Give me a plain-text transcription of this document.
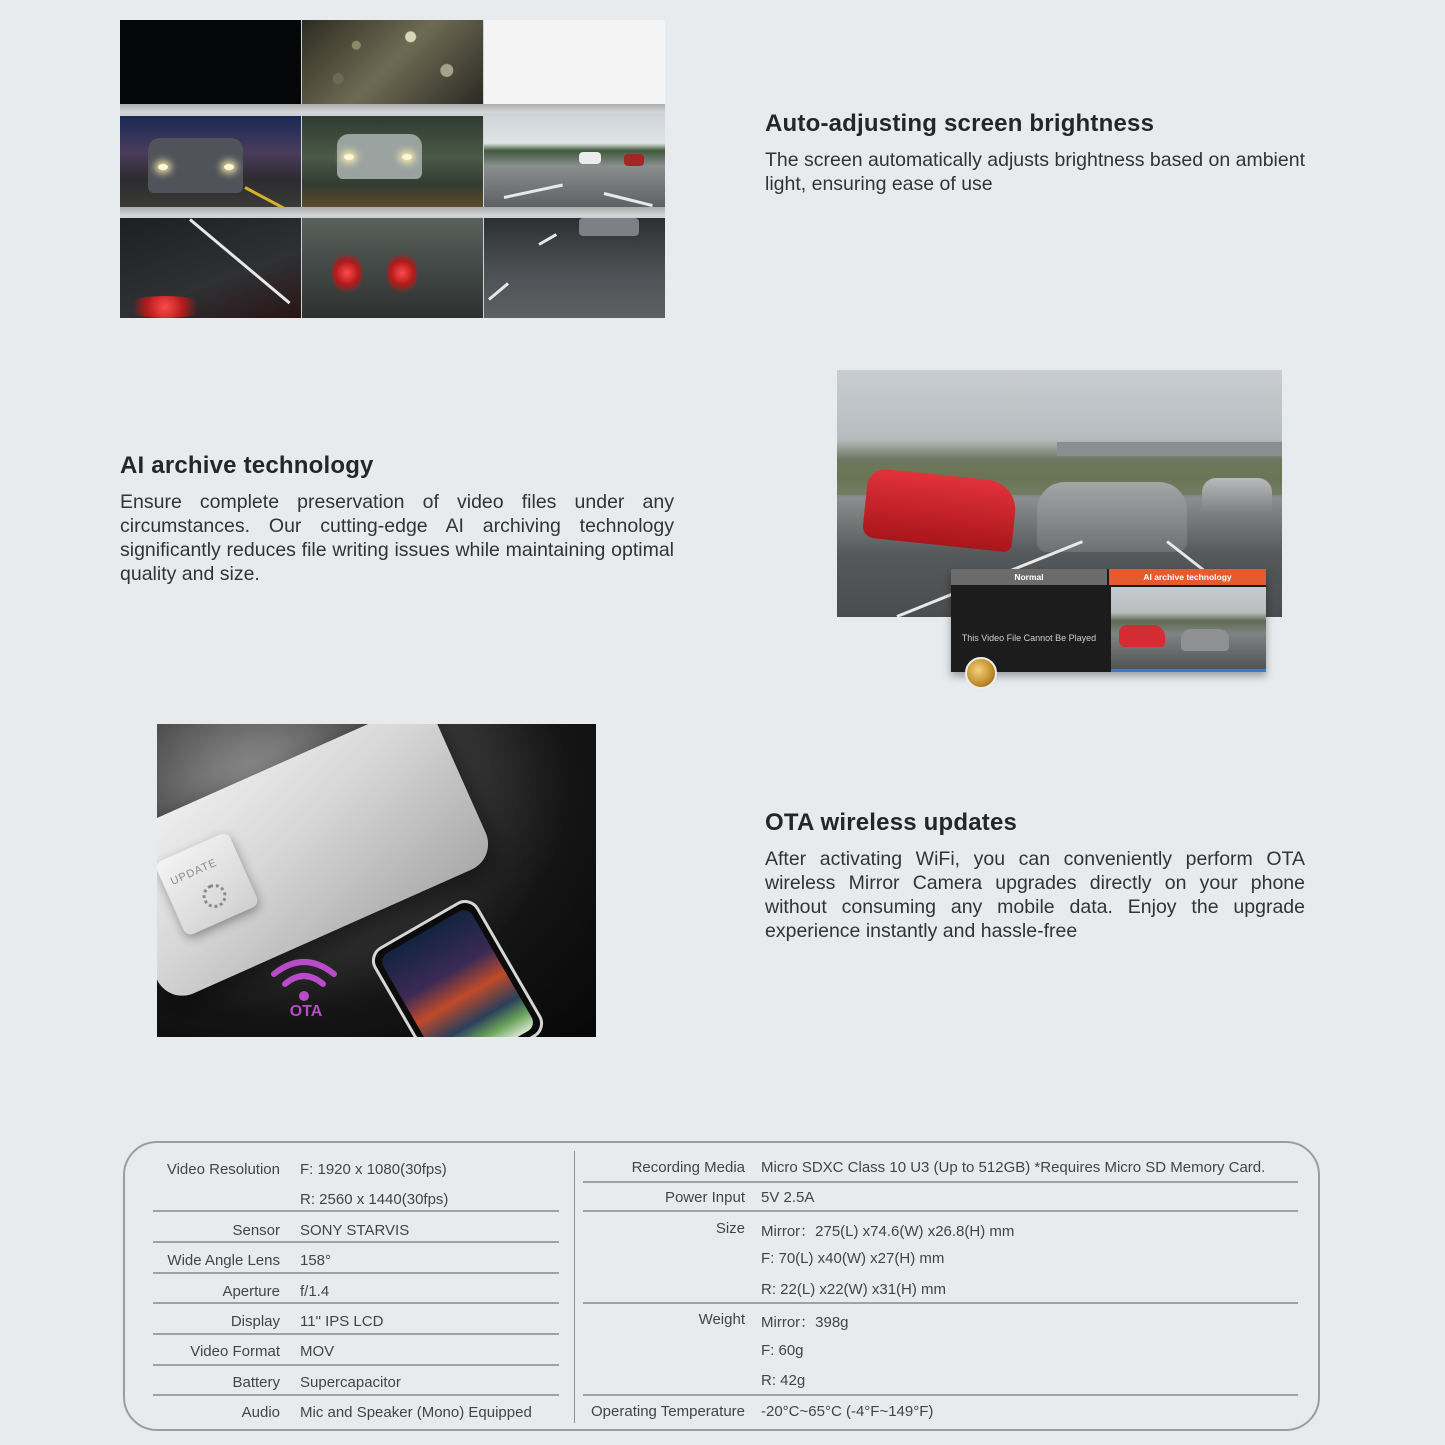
Auto-adjusting screen brightness

The screen automatically adjusts brightness based on ambient light, ensuring ease of use

AI archive technology

Ensure complete preservation of video files under any circumstances. Our cutting-edge AI archiving technology significantly reduces file writing issues while maintaining optimal quality and size.	Normal	AI archive technology
This Video File Cannot Be Played
UPDATE
OTA
OTA wireless updates

After activating WiFi, you can conveniently perform OTA wireless Mirror Camera upgrades directly on your phone without consuming any mobile data. Enjoy the upgrade experience instantly and hassle-free

Video Resolution F: 1920 x 1080(30fps)
R: 2560 x 1440(30fps)
Sensor SONY STARVIS
Wide Angle Lens 158°
Aperture f/1.4
Display 11" IPS LCD
Video Format MOV
Battery Supercapacitor
Audio Mic and Speaker (Mono) Equipped
Recording Media Micro SDXC Class 10 U3 (Up to 512GB) *Requires Micro SD Memory Card.
Power Input 5V 2.5A
Size Mirror：275(L) x74.6(W) x26.8(H) mm
F: 70(L) x40(W) x27(H) mm
R: 22(L) x22(W) x31(H) mm
Weight Mirror：398g
F: 60g
R: 42g
Operating Temperature -20°C~65°C (-4°F~149°F)
